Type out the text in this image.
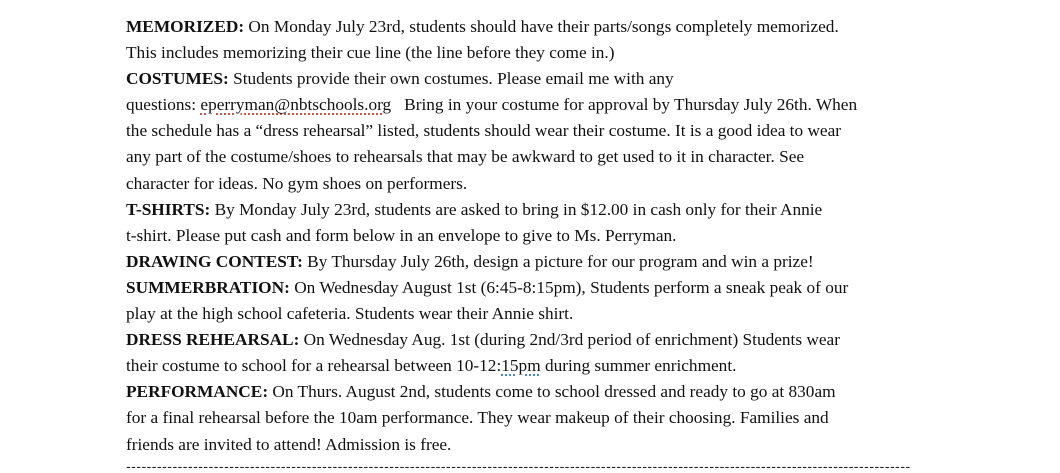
MEMORIZED: On Monday July 23rd, students should have their parts/songs completely memorized.
This includes memorizing their cue line (the line before they come in.)
COSTUMES: Students provide their own costumes. Please email me with any
questions: eperryman@nbtschools.org   Bring in your costume for approval by Thursday July 26th. When
the schedule has a “dress rehearsal” listed, students should wear their costume. It is a good idea to wear
any part of the costume/shoes to rehearsals that may be awkward to get used to it in character. See
character for ideas. No gym shoes on performers.
T-SHIRTS: By Monday July 23rd, students are asked to bring in $12.00 in cash only for their Annie
t-shirt. Please put cash and form below in an envelope to give to Ms. Perryman.
DRAWING CONTEST: By Thursday July 26th, design a picture for our program and win a prize!
SUMMERBRATION: On Wednesday August 1st (6:45-8:15pm), Students perform a sneak peak of our
play at the high school cafeteria. Students wear their Annie shirt.
DRESS REHEARSAL: On Wednesday Aug. 1st (during 2nd/3rd period of enrichment) Students wear
their costume to school for a rehearsal between 10-12:15pm during summer enrichment.
PERFORMANCE: On Thurs. August 2nd, students come to school dressed and ready to go at 830am
for a final rehearsal before the 10am performance. They wear makeup of their choosing. Families and
friends are invited to attend! Admission is free.
--------------------------------------------------------------------------------------------------------------------------------------------------------
